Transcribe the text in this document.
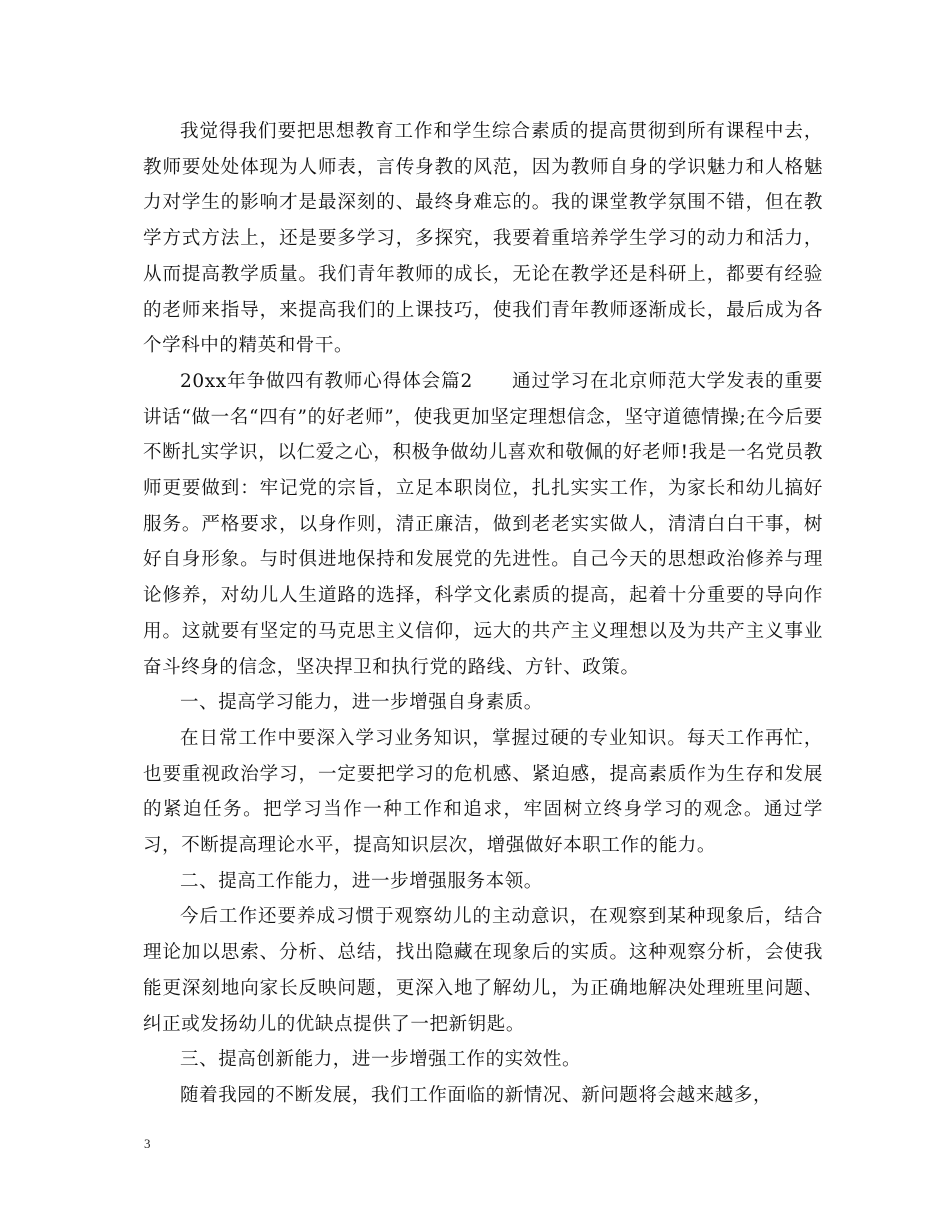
我觉得我们要把思想教育工作和学生综合素质的提高贯彻到所有课程中去，教师要处处体现为人师表，言传身教的风范，因为教师自身的学识魅力和人格魅力对学生的影响才是最深刻的、最终身难忘的。我的课堂教学氛围不错，但在教学方式方法上，还是要多学习，多探究，我要着重培养学生学习的动力和活力，从而提高教学质量。我们青年教师的成长，无论在教学还是科研上，都要有经验的老师来指导，来提高我们的上课技巧，使我们青年教师逐渐成长，最后成为各个学科中的精英和骨干。

20xx年争做四有教师心得体会篇2　　通过学习在北京师范大学发表的重要讲话“做一名“四有”的好老师”，使我更加坚定理想信念，坚守道德情操;在今后要不断扎实学识，以仁爱之心，积极争做幼儿喜欢和敬佩的好老师!我是一名党员教师更要做到：牢记党的宗旨，立足本职岗位，扎扎实实工作，为家长和幼儿搞好服务。严格要求，以身作则，清正廉洁，做到老老实实做人，清清白白干事，树好自身形象。与时俱进地保持和发展党的先进性。自己今天的思想政治修养与理论修养，对幼儿人生道路的选择，科学文化素质的提高，起着十分重要的导向作用。这就要有坚定的马克思主义信仰，远大的共产主义理想以及为共产主义事业奋斗终身的信念，坚决捍卫和执行党的路线、方针、政策。

一、提高学习能力，进一步增强自身素质。

在日常工作中要深入学习业务知识，掌握过硬的专业知识。每天工作再忙，也要重视政治学习，一定要把学习的危机感、紧迫感，提高素质作为生存和发展的紧迫任务。把学习当作一种工作和追求，牢固树立终身学习的观念。通过学习，不断提高理论水平，提高知识层次，增强做好本职工作的能力。

二、提高工作能力，进一步增强服务本领。

今后工作还要养成习惯于观察幼儿的主动意识，在观察到某种现象后，结合理论加以思索、分析、总结，找出隐藏在现象后的实质。这种观察分析，会使我能更深刻地向家长反映问题，更深入地了解幼儿，为正确地解决处理班里问题、纠正或发扬幼儿的优缺点提供了一把新钥匙。

三、提高创新能力，进一步增强工作的实效性。

随着我园的不断发展，我们工作面临的新情况、新问题将会越来越多，

3
